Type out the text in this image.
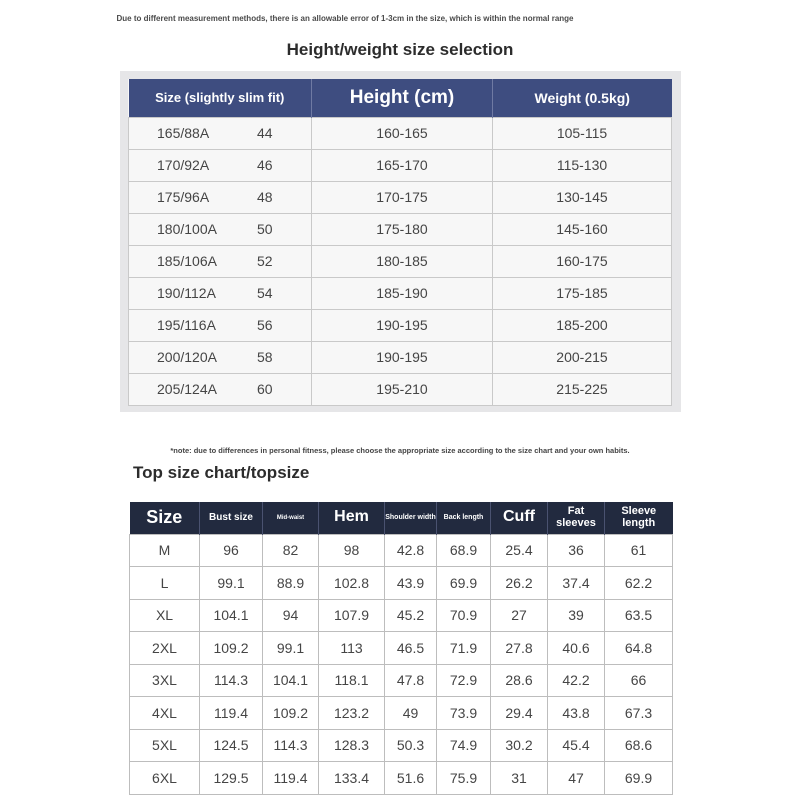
Due to different measurement methods, there is an allowable error of 1-3cm in the size, which is within the normal range
Height/weight size selection
Size (slightly slim fit)	Height (cm)	Weight (0.5kg)
165/88A 44	160-165	105-115
170/92A 46	165-170	115-130
175/96A 48	170-175	130-145
180/100A 50	175-180	145-160
185/106A 52	180-185	160-175
190/112A 54	185-190	175-185
195/116A 56	190-195	185-200
200/120A 58	190-195	200-215
205/124A 60	195-210	215-225
*note: due to differences in personal fitness, please choose the appropriate size according to the size chart and your own habits.
Top size chart/topsize
Size	Bust size	Mid-waist	Hem	Shoulder width	Back length	Cuff	Fat sleeves	Sleeve length
M	96	82	98	42.8	68.9	25.4	36	61
L	99.1	88.9	102.8	43.9	69.9	26.2	37.4	62.2
XL	104.1	94	107.9	45.2	70.9	27	39	63.5
2XL	109.2	99.1	113	46.5	71.9	27.8	40.6	64.8
3XL	114.3	104.1	118.1	47.8	72.9	28.6	42.2	66
4XL	119.4	109.2	123.2	49	73.9	29.4	43.8	67.3
5XL	124.5	114.3	128.3	50.3	74.9	30.2	45.4	68.6
6XL	129.5	119.4	133.4	51.6	75.9	31	47	69.9
